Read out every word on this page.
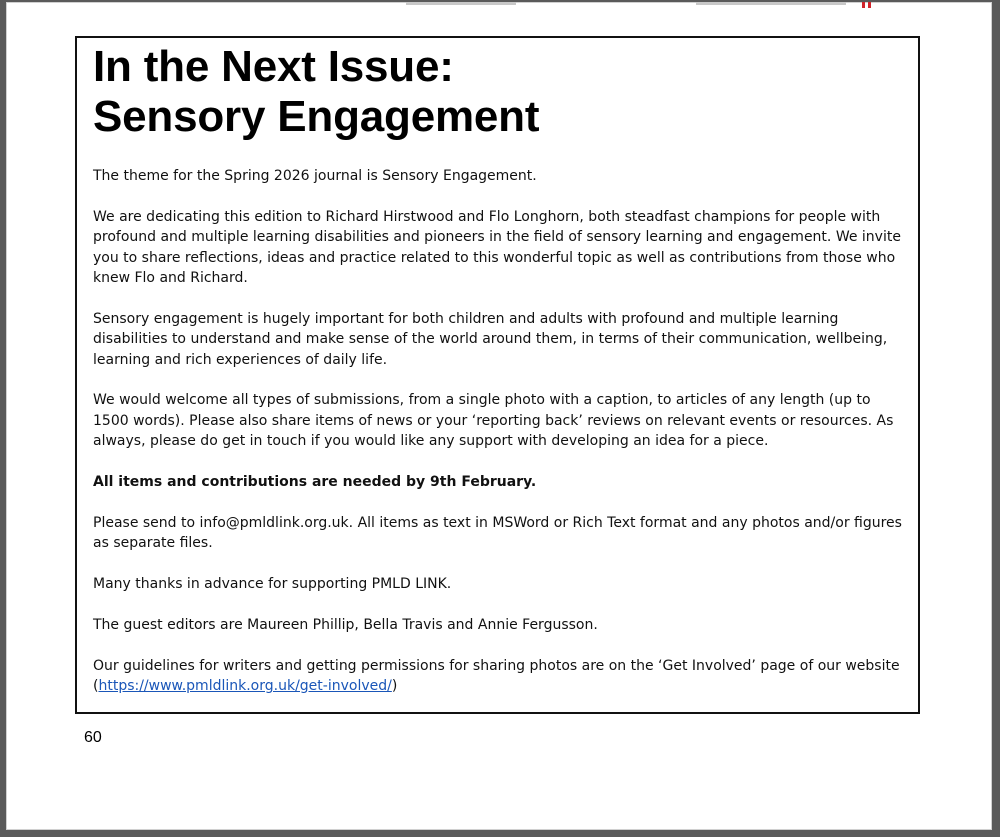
In the Next Issue:
Sensory Engagement

The theme for the Spring 2026 journal is Sensory Engagement.

We are dedicating this edition to Richard Hirstwood and Flo Longhorn, both steadfast champions for people with profound and multiple learning disabilities and pioneers in the field of sensory learning and engagement. We invite you to share reflections, ideas and practice related to this wonderful topic as well as contributions from those who knew Flo and Richard.

Sensory engagement is hugely important for both children and adults with profound and multiple learning disabilities to understand and make sense of the world around them, in terms of their communication, wellbeing, learning and rich experiences of daily life.

We would welcome all types of submissions, from a single photo with a caption, to articles of any length (up to 1500 words). Please also share items of news or your ‘reporting back’ reviews on relevant events or resources. As always, please do get in touch if you would like any support with developing an idea for a piece.

All items and contributions are needed by 9th February.

Please send to info@pmldlink.org.uk. All items as text in MSWord or Rich Text format and any photos and/or figures as separate files.

Many thanks in advance for supporting PMLD LINK.

The guest editors are Maureen Phillip, Bella Travis and Annie Fergusson.

Our guidelines for writers and getting permissions for sharing photos are on the ‘Get Involved’ page of our website (https://www.pmldlink.org.uk/get-involved/)

60
